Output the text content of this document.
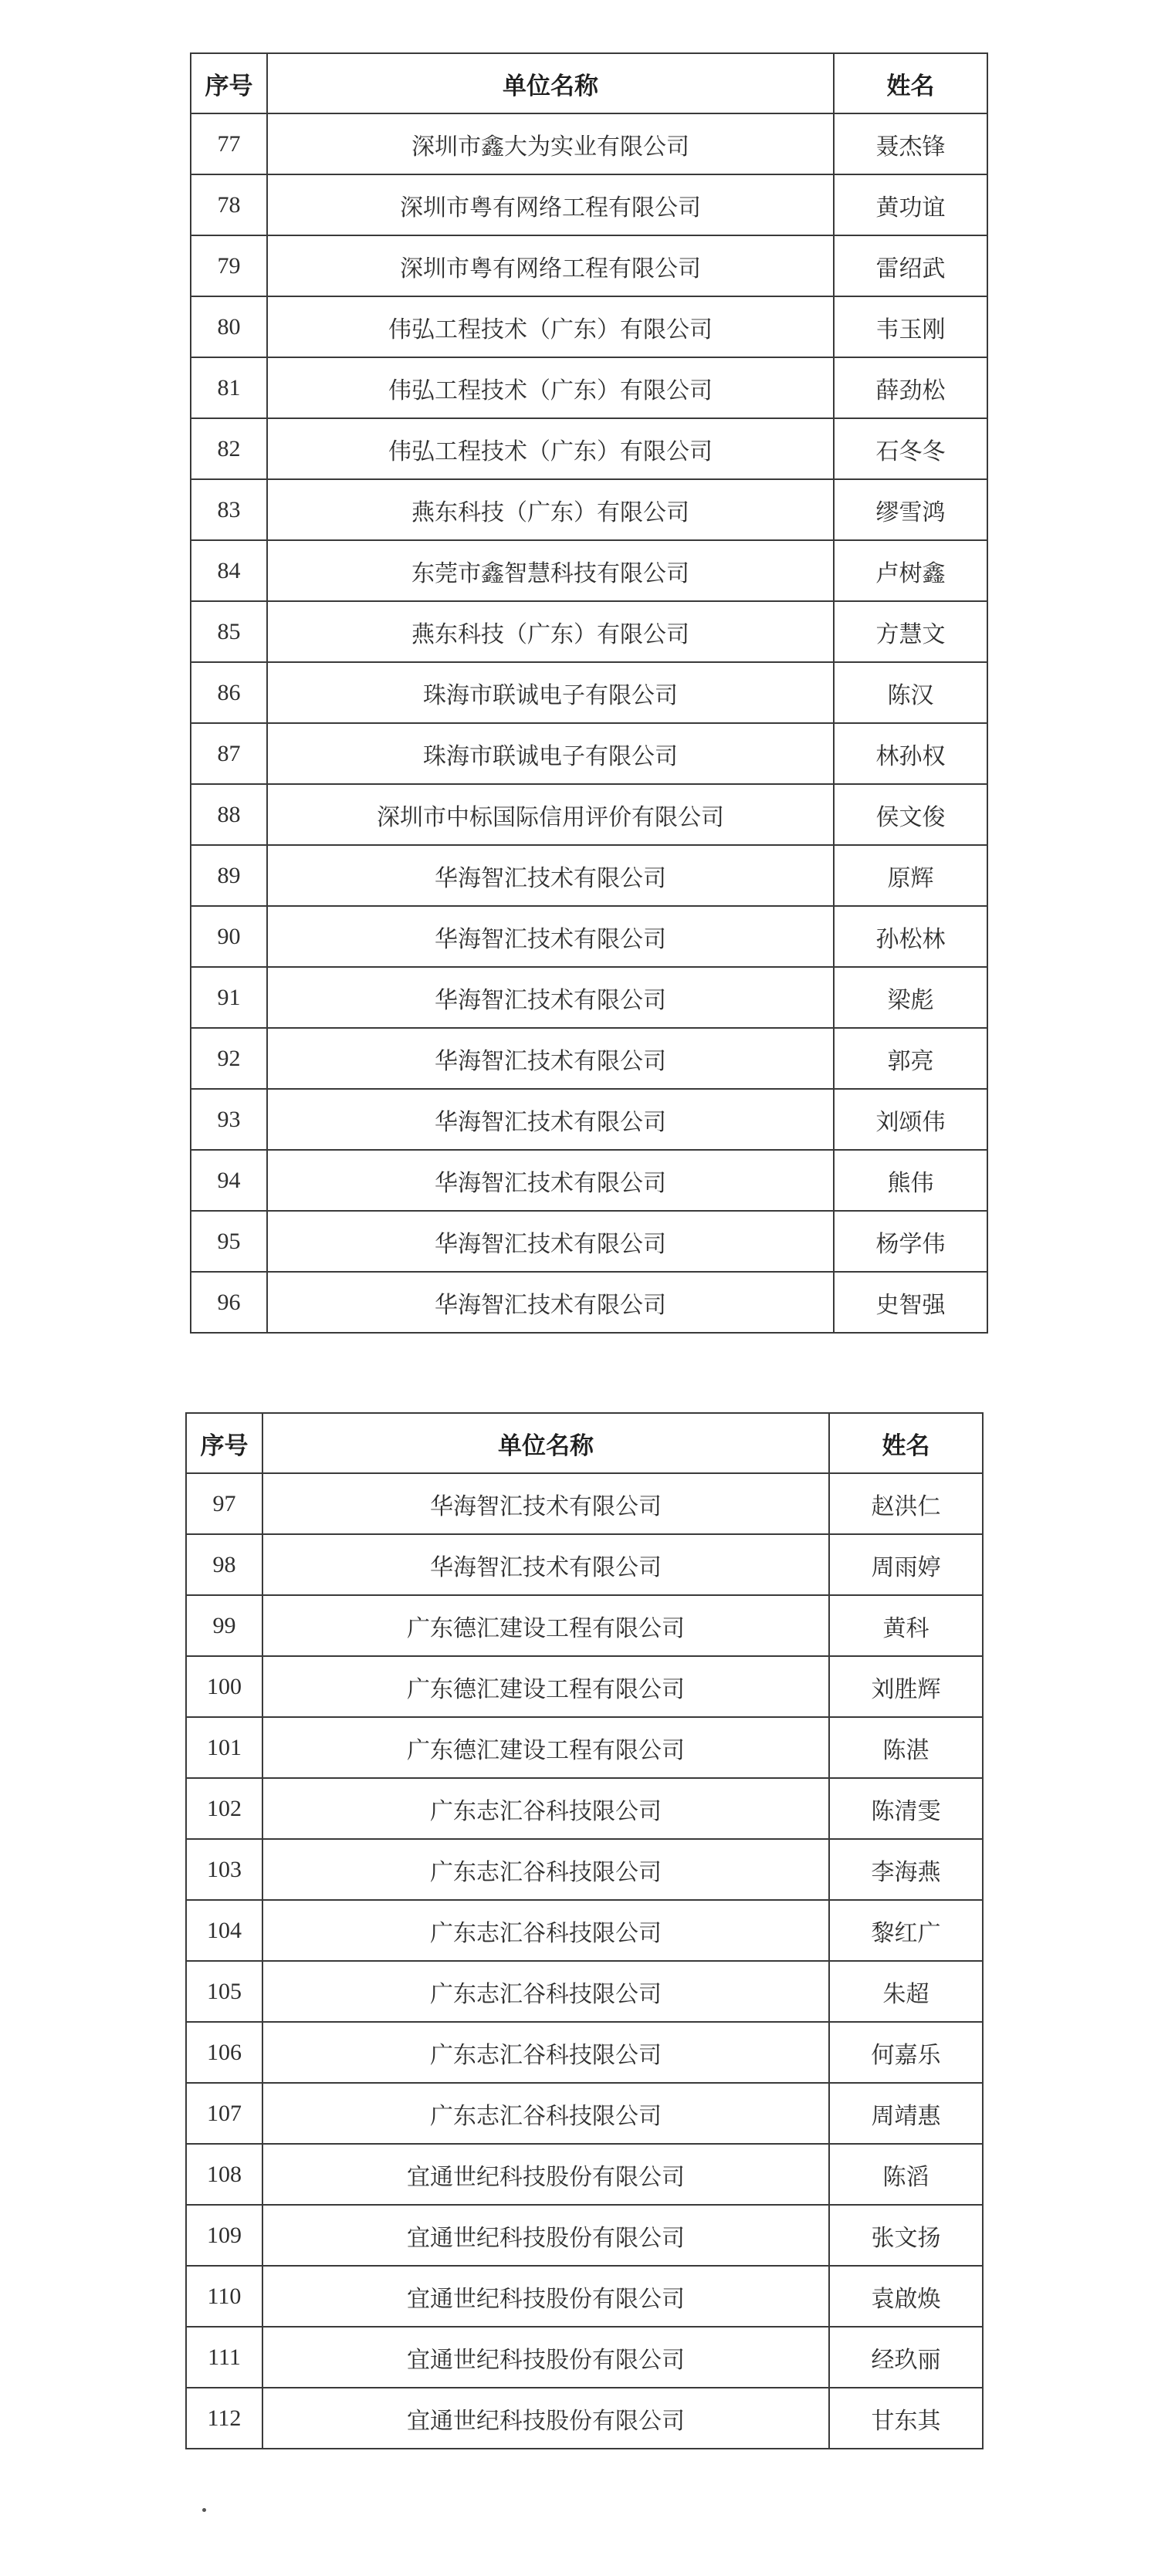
序号	单位名称	姓名
77	深圳市鑫大为实业有限公司	聂杰锋
78	深圳市粤有网络工程有限公司	黄功谊
79	深圳市粤有网络工程有限公司	雷绍武
80	伟弘工程技术（广东）有限公司	韦玉刚
81	伟弘工程技术（广东）有限公司	薛劲松
82	伟弘工程技术（广东）有限公司	石冬冬
83	燕东科技（广东）有限公司	缪雪鸿
84	东莞市鑫智慧科技有限公司	卢树鑫
85	燕东科技（广东）有限公司	方慧文
86	珠海市联诚电子有限公司	陈汉
87	珠海市联诚电子有限公司	林孙权
88	深圳市中标国际信用评价有限公司	侯文俊
89	华海智汇技术有限公司	原辉
90	华海智汇技术有限公司	孙松林
91	华海智汇技术有限公司	梁彪
92	华海智汇技术有限公司	郭亮
93	华海智汇技术有限公司	刘颂伟
94	华海智汇技术有限公司	熊伟
95	华海智汇技术有限公司	杨学伟
96	华海智汇技术有限公司	史智强
序号	单位名称	姓名
97	华海智汇技术有限公司	赵洪仁
98	华海智汇技术有限公司	周雨婷
99	广东德汇建设工程有限公司	黄科
100	广东德汇建设工程有限公司	刘胜辉
101	广东德汇建设工程有限公司	陈湛
102	广东志汇谷科技限公司	陈清雯
103	广东志汇谷科技限公司	李海燕
104	广东志汇谷科技限公司	黎红广
105	广东志汇谷科技限公司	朱超
106	广东志汇谷科技限公司	何嘉乐
107	广东志汇谷科技限公司	周靖惠
108	宜通世纪科技股份有限公司	陈滔
109	宜通世纪科技股份有限公司	张文扬
110	宜通世纪科技股份有限公司	袁啟焕
111	宜通世纪科技股份有限公司	经玖丽
112	宜通世纪科技股份有限公司	甘东其
